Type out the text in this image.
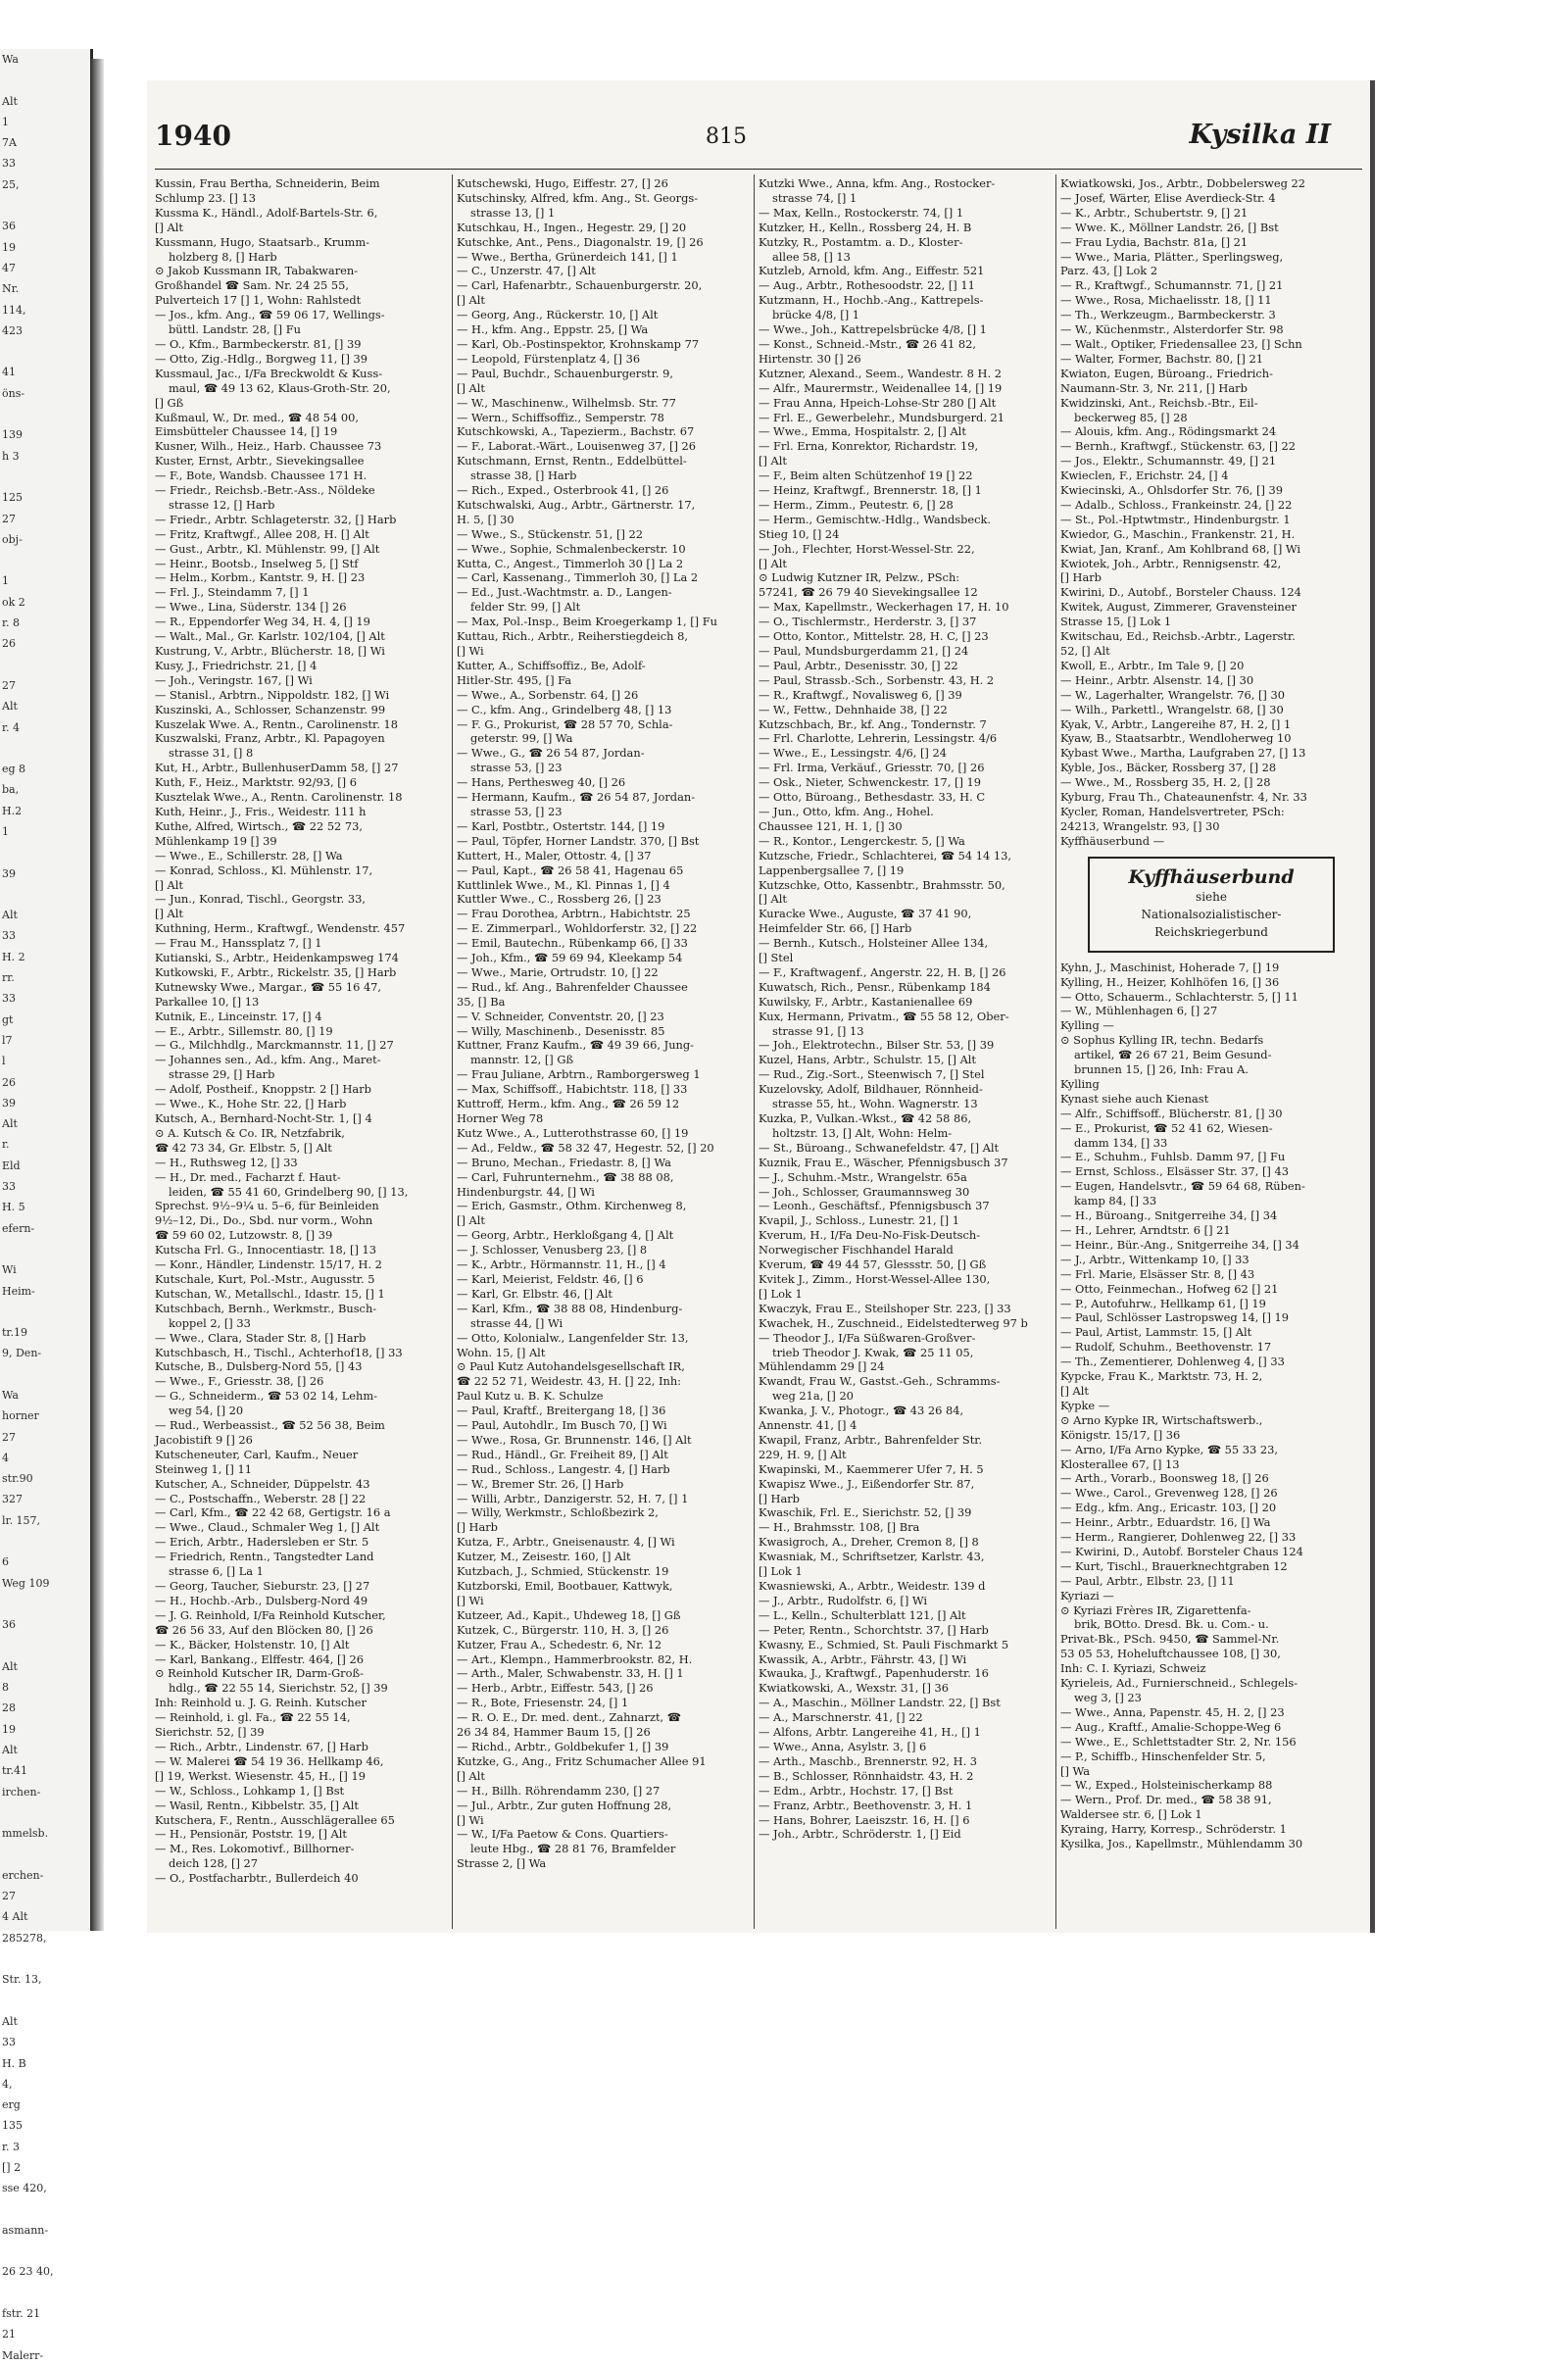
Wa

Alt
1
7A
33
25,

36
19
47
Nr.
114,
423

41
öns-

139
h 3

125
27
obj-

1
ok 2
r. 8
26

27
Alt
r. 4

eg 8
ba,
H.2
1

39

Alt
33
H. 2
rr.
33
gt
l7
l
26
39
Alt
r.
Eld
33
H. 5
efern-

Wi
Heim-

tr.19
9, Den-

Wa
horner
27
4
str.90
327
lr. 157,

6
Weg 109

36

Alt
8
28
19
Alt
tr.41
irchen-

mmelsb.

erchen-
27
4 Alt
285278,

Str. 13,

Alt
33
H. B
4,
erg
135
r. 3
[] 2
sse 420,

asmann-

26 23 40,

fstr. 21
21
Malerr-
1940	815	Kysilka II
Kussin, Frau Bertha, Schneiderin, Beim
Schlump 23. [] 13
Kussma K., Händl., Adolf-Bartels-Str. 6,
[] Alt
Kussmann, Hugo, Staatsarb., Krumm-
holzberg 8, [] Harb
⊙ Jakob Kussmann IR, Tabakwaren-
Großhandel ☎ Sam. Nr. 24 25 55,
Pulverteich 17 [] 1, Wohn: Rahlstedt
— Jos., kfm. Ang., ☎ 59 06 17, Wellings-
büttl. Landstr. 28, [] Fu
— O., Kfm., Barmbeckerstr. 81, [] 39
— Otto, Zig.-Hdlg., Borgweg 11, [] 39
Kussmaul, Jac., I/Fa Breckwoldt & Kuss-
maul, ☎ 49 13 62, Klaus-Groth-Str. 20,
[] Gß
Kußmaul, W., Dr. med., ☎ 48 54 00,
Eimsbütteler Chaussee 14, [] 19
Kusner, Wilh., Heiz., Harb. Chaussee 73
Kuster, Ernst, Arbtr., Sievekingsallee
— F., Bote, Wandsb. Chaussee 171 H.
— Friedr., Reichsb.-Betr.-Ass., Nöldeke
strasse 12, [] Harb
— Friedr., Arbtr. Schlageterstr. 32, [] Harb
— Fritz, Kraftwgf., Allee 208, H. [] Alt
— Gust., Arbtr., Kl. Mühlenstr. 99, [] Alt
— Heinr., Bootsb., Inselweg 5, [] Stf
— Helm., Korbm., Kantstr. 9, H. [] 23
— Frl. J., Steindamm 7, [] 1
— Wwe., Lina, Süderstr. 134 [] 26
— R., Eppendorfer Weg 34, H. 4, [] 19
— Walt., Mal., Gr. Karlstr. 102/104, [] Alt
Kustrung, V., Arbtr., Blücherstr. 18, [] Wi
Kusy, J., Friedrichstr. 21, [] 4
— Joh., Veringstr. 167, [] Wi
— Stanisl., Arbtrn., Nippoldstr. 182, [] Wi
Kuszinski, A., Schlosser, Schanzenstr. 99
Kuszelak Wwe. A., Rentn., Carolinenstr. 18
Kuszwalski, Franz, Arbtr., Kl. Papagoyen
strasse 31, [] 8
Kut, H., Arbtr., BullenhuserDamm 58, [] 27
Kuth, F., Heiz., Marktstr. 92/93, [] 6
Kusztelak Wwe., A., Rentn. Carolinenstr. 18
Kuth, Heinr., J., Fris., Weidestr. 111 h
Kuthe, Alfred, Wirtsch., ☎ 22 52 73,
Mühlenkamp 19 [] 39
— Wwe., E., Schillerstr. 28, [] Wa
— Konrad, Schloss., Kl. Mühlenstr. 17,
[] Alt
— Jun., Konrad, Tischl., Georgstr. 33,
[] Alt
Kuthning, Herm., Kraftwgf., Wendenstr. 457
— Frau M., Hanssplatz 7, [] 1
Kutianski, S., Arbtr., Heidenkampsweg 174
Kutkowski, F., Arbtr., Rickelstr. 35, [] Harb
Kutnewsky Wwe., Margar., ☎ 55 16 47,
Parkallee 10, [] 13
Kutnik, E., Linceinstr. 17, [] 4
— E., Arbtr., Sillemstr. 80, [] 19
— G., Milchhdlg., Marckmannstr. 11, [] 27
— Johannes sen., Ad., kfm. Ang., Maret-
strasse 29, [] Harb
— Adolf, Postheif., Knoppstr. 2 [] Harb
— Wwe., K., Hohe Str. 22, [] Harb
Kutsch, A., Bernhard-Nocht-Str. 1, [] 4
⊙ A. Kutsch & Co. IR, Netzfabrik,
☎ 42 73 34, Gr. Elbstr. 5, [] Alt
— H., Ruthsweg 12, [] 33
— H., Dr. med., Facharzt f. Haut-
leiden, ☎ 55 41 60, Grindelberg 90, [] 13,
Sprechst. 9½–9¼ u. 5–6, für Beinleiden
9½–12, Di., Do., Sbd. nur vorm., Wohn
☎ 59 60 02, Lutzowstr. 8, [] 39
Kutscha Frl. G., Innocentiastr. 18, [] 13
— Konr., Händler, Lindenstr. 15/17, H. 2
Kutschale, Kurt, Pol.-Mstr., Augusstr. 5
Kutschan, W., Metallschl., Idastr. 15, [] 1
Kutschbach, Bernh., Werkmstr., Busch-
koppel 2, [] 33
— Wwe., Clara, Stader Str. 8, [] Harb
Kutschbasch, H., Tischl., Achterhof18, [] 33
Kutsche, B., Dulsberg-Nord 55, [] 43
— Wwe., F., Griesstr. 38, [] 26
— G., Schneiderm., ☎ 53 02 14, Lehm-
weg 54, [] 20
— Rud., Werbeassist., ☎ 52 56 38, Beim
Jacobistift 9 [] 26
Kutscheneuter, Carl, Kaufm., Neuer
Steinweg 1, [] 11
Kutscher, A., Schneider, Düppelstr. 43
— C., Postschaffn., Weberstr. 28 [] 22
— Carl, Kfm., ☎ 22 42 68, Gertigstr. 16 a
— Wwe., Claud., Schmaler Weg 1, [] Alt
— Erich, Arbtr., Hadersleben er Str. 5
— Friedrich, Rentn., Tangstedter Land
strasse 6, [] La 1
— Georg, Taucher, Sieburstr. 23, [] 27
— H., Hochb.-Arb., Dulsberg-Nord 49
— J. G. Reinhold, I/Fa Reinhold Kutscher,
☎ 26 56 33, Auf den Blöcken 80, [] 26
— K., Bäcker, Holstenstr. 10, [] Alt
— Karl, Bankang., Elffestr. 464, [] 26
⊙ Reinhold Kutscher IR, Darm-Groß-
hdlg., ☎ 22 55 14, Sierichstr. 52, [] 39
Inh: Reinhold u. J. G. Reinh. Kutscher
— Reinhold, i. gl. Fa., ☎ 22 55 14,
Sierichstr. 52, [] 39
— Rich., Arbtr., Lindenstr. 67, [] Harb
— W. Malerei ☎ 54 19 36. Hellkamp 46,
[] 19, Werkst. Wiesenstr. 45, H., [] 19
— W., Schloss., Lohkamp 1, [] Bst
— Wasil, Rentn., Kibbelstr. 35, [] Alt
Kutschera, F., Rentn., Ausschlägerallee 65
— H., Pensionär, Poststr. 19, [] Alt
— M., Res. Lokomotivf., Billhorner-
deich 128, [] 27
— O., Postfacharbtr., Bullerdeich 40
Kutschewski, Hugo, Eiffestr. 27, [] 26
Kutschinsky, Alfred, kfm. Ang., St. Georgs-
strasse 13, [] 1
Kutschkau, H., Ingen., Hegestr. 29, [] 20
Kutschke, Ant., Pens., Diagonalstr. 19, [] 26
— Wwe., Bertha, Grünerdeich 141, [] 1
— C., Unzerstr. 47, [] Alt
— Carl, Hafenarbtr., Schauenburgerstr. 20,
[] Alt
— Georg, Ang., Rückerstr. 10, [] Alt
— H., kfm. Ang., Eppstr. 25, [] Wa
— Karl, Ob.-Postinspektor, Krohnskamp 77
— Leopold, Fürstenplatz 4, [] 36
— Paul, Buchdr., Schauenburgerstr. 9,
[] Alt
— W., Maschinenw., Wilhelmsb. Str. 77
— Wern., Schiffsoffiz., Semperstr. 78
Kutschkowski, A., Tapezierm., Bachstr. 67
— F., Laborat.-Wärt., Louisenweg 37, [] 26
Kutschmann, Ernst, Rentn., Eddelbüttel-
strasse 38, [] Harb
— Rich., Exped., Osterbrook 41, [] 26
Kutschwalski, Aug., Arbtr., Gärtnerstr. 17,
H. 5, [] 30
— Wwe., S., Stückenstr. 51, [] 22
— Wwe., Sophie, Schmalenbeckerstr. 10
Kutta, C., Angest., Timmerloh 30 [] La 2
— Carl, Kassenang., Timmerloh 30, [] La 2
— Ed., Just.-Wachtmstr. a. D., Langen-
felder Str. 99, [] Alt
— Max, Pol.-Insp., Beim Kroegerkamp 1, [] Fu
Kuttau, Rich., Arbtr., Reiherstiegdeich 8,
[] Wi
Kutter, A., Schiffsoffiz., Be, Adolf-
Hitler-Str. 495, [] Fa
— Wwe., A., Sorbenstr. 64, [] 26
— C., kfm. Ang., Grindelberg 48, [] 13
— F. G., Prokurist, ☎ 28 57 70, Schla-
geterstr. 99, [] Wa
— Wwe., G., ☎ 26 54 87, Jordan-
strasse 53, [] 23
— Hans, Perthesweg 40, [] 26
— Hermann, Kaufm., ☎ 26 54 87, Jordan-
strasse 53, [] 23
— Karl, Postbtr., Ostertstr. 144, [] 19
— Paul, Töpfer, Horner Landstr. 370, [] Bst
Kuttert, H., Maler, Ottostr. 4, [] 37
— Paul, Kapt., ☎ 26 58 41, Hagenau 65
Kuttlinlek Wwe., M., Kl. Pinnas 1, [] 4
Kuttler Wwe., C., Rossberg 26, [] 23
— Frau Dorothea, Arbtrn., Habichtstr. 25
— E. Zimmerparl., Wohldorferstr. 32, [] 22
— Emil, Bautechn., Rübenkamp 66, [] 33
— Joh., Kfm., ☎ 59 69 94, Kleekamp 54
— Wwe., Marie, Ortrudstr. 10, [] 22
— Rud., kf. Ang., Bahrenfelder Chaussee
35, [] Ba
— V. Schneider, Conventstr. 20, [] 23
— Willy, Maschinenb., Desenisstr. 85
Kuttner, Franz Kaufm., ☎ 49 39 66, Jung-
mannstr. 12, [] Gß
— Frau Juliane, Arbtrn., Ramborgersweg 1
— Max, Schiffsoff., Habichtstr. 118, [] 33
Kuttroff, Herm., kfm. Ang., ☎ 26 59 12
Horner Weg 78
Kutz Wwe., A., Lutterothstrasse 60, [] 19
— Ad., Feldw., ☎ 58 32 47, Hegestr. 52, [] 20
— Bruno, Mechan., Friedastr. 8, [] Wa
— Carl, Fuhrunternehm., ☎ 38 88 08,
Hindenburgstr. 44, [] Wi
— Erich, Gasmstr., Othm. Kirchenweg 8,
[] Alt
— Georg, Arbtr., Herkloßgang 4, [] Alt
— J. Schlosser, Venusberg 23, [] 8
— K., Arbtr., Hörmannstr. 11, H., [] 4
— Karl, Meierist, Feldstr. 46, [] 6
— Karl, Gr. Elbstr. 46, [] Alt
— Karl, Kfm., ☎ 38 88 08, Hindenburg-
strasse 44, [] Wi
— Otto, Kolonialw., Langenfelder Str. 13,
Wohn. 15, [] Alt
⊙ Paul Kutz Autohandelsgesellschaft IR,
☎ 22 52 71, Weidestr. 43, H. [] 22, Inh:
Paul Kutz u. B. K. Schulze
— Paul, Kraftf., Breitergang 18, [] 36
— Paul, Autohdlr., Im Busch 70, [] Wi
— Wwe., Rosa, Gr. Brunnenstr. 146, [] Alt
— Rud., Händl., Gr. Freiheit 89, [] Alt
— Rud., Schloss., Langestr. 4, [] Harb
— W., Bremer Str. 26, [] Harb
— Willi, Arbtr., Danzigerstr. 52, H. 7, [] 1
— Willy, Werkmstr., Schloßbezirk 2,
[] Harb
Kutza, F., Arbtr., Gneisenaustr. 4, [] Wi
Kutzer, M., Zeisestr. 160, [] Alt
Kutzbach, J., Schmied, Stückenstr. 19
Kutzborski, Emil, Bootbauer, Kattwyk,
[] Wi
Kutzeer, Ad., Kapit., Uhdeweg 18, [] Gß
Kutzek, C., Bürgerstr. 110, H. 3, [] 26
Kutzer, Frau A., Schedestr. 6, Nr. 12
— Art., Klempn., Hammerbrookstr. 82, H.
— Arth., Maler, Schwabenstr. 33, H. [] 1
— Herb., Arbtr., Eiffestr. 543, [] 26
— R., Bote, Friesenstr. 24, [] 1
— R. O. E., Dr. med. dent., Zahnarzt, ☎
26 34 84, Hammer Baum 15, [] 26
— Richd., Arbtr., Goldbekufer 1, [] 39
Kutzke, G., Ang., Fritz Schumacher Allee 91
[] Alt
— H., Billh. Röhrendamm 230, [] 27
— Jul., Arbtr., Zur guten Hoffnung 28,
[] Wi
— W., I/Fa Paetow & Cons. Quartiers-
leute Hbg., ☎ 28 81 76, Bramfelder
Strasse 2, [] Wa
Kutzki Wwe., Anna, kfm. Ang., Rostocker-
strasse 74, [] 1
— Max, Kelln., Rostockerstr. 74, [] 1
Kutzker, H., Kelln., Rossberg 24, H. B
Kutzky, R., Postamtm. a. D., Kloster-
allee 58, [] 13
Kutzleb, Arnold, kfm. Ang., Eiffestr. 521
— Aug., Arbtr., Rothesoodstr. 22, [] 11
Kutzmann, H., Hochb.-Ang., Kattrepels-
brücke 4/8, [] 1
— Wwe., Joh., Kattrepelsbrücke 4/8, [] 1
— Konst., Schneid.-Mstr., ☎ 26 41 82,
Hirtenstr. 30 [] 26
Kutzner, Alexand., Seem., Wandestr. 8 H. 2
— Alfr., Maurermstr., Weidenallee 14, [] 19
— Frau Anna, Hpeich-Lohse-Str 280 [] Alt
— Frl. E., Gewerbelehr., Mundsburgerd. 21
— Wwe., Emma, Hospitalstr. 2, [] Alt
— Frl. Erna, Konrektor, Richardstr. 19,
[] Alt
— F., Beim alten Schützenhof 19 [] 22
— Heinz, Kraftwgf., Brennerstr. 18, [] 1
— Herm., Zimm., Peutestr. 6, [] 28
— Herm., Gemischtw.-Hdlg., Wandsbeck.
Stieg 10, [] 24
— Joh., Flechter, Horst-Wessel-Str. 22,
[] Alt
⊙ Ludwig Kutzner IR, Pelzw., PSch:
57241, ☎ 26 79 40 Sievekingsallee 12
— Max, Kapellmstr., Weckerhagen 17, H. 10
— O., Tischlermstr., Herderstr. 3, [] 37
— Otto, Kontor., Mittelstr. 28, H. C, [] 23
— Paul, Mundsburgerdamm 21, [] 24
— Paul, Arbtr., Desenisstr. 30, [] 22
— Paul, Strassb.-Sch., Sorbenstr. 43, H. 2
— R., Kraftwgf., Novalisweg 6, [] 39
— W., Fettw., Dehnhaide 38, [] 22
Kutzschbach, Br., kf. Ang., Tondernstr. 7
— Frl. Charlotte, Lehrerin, Lessingstr. 4/6
— Wwe., E., Lessingstr. 4/6, [] 24
— Frl. Irma, Verkäuf., Griesstr. 70, [] 26
— Osk., Nieter, Schwenckestr. 17, [] 19
— Otto, Büroang., Bethesdastr. 33, H. C
— Jun., Otto, kfm. Ang., Hohel.
Chaussee 121, H. 1, [] 30
— R., Kontor., Lengerckestr. 5, [] Wa
Kutzsche, Friedr., Schlachterei, ☎ 54 14 13,
Lappenbergsallee 7, [] 19
Kutzschke, Otto, Kassenbtr., Brahmsstr. 50,
[] Alt
Kuracke Wwe., Auguste, ☎ 37 41 90,
Heimfelder Str. 66, [] Harb
— Bernh., Kutsch., Holsteiner Allee 134,
[] Stel
— F., Kraftwagenf., Angerstr. 22, H. B, [] 26
Kuwatsch, Rich., Pensr., Rübenkamp 184
Kuwilsky, F., Arbtr., Kastanienallee 69
Kux, Hermann, Privatm., ☎ 55 58 12, Ober-
strasse 91, [] 13
— Joh., Elektrotechn., Bilser Str. 53, [] 39
Kuzel, Hans, Arbtr., Schulstr. 15, [] Alt
— Rud., Zig.-Sort., Steenwisch 7, [] Stel
Kuzelovsky, Adolf, Bildhauer, Rönnheid-
strasse 55, ht., Wohn. Wagnerstr. 13
Kuzka, P., Vulkan.-Wkst., ☎ 42 58 86,
holtzstr. 13, [] Alt, Wohn: Helm-
— St., Büroang., Schwanefeldstr. 47, [] Alt
Kuznik, Frau E., Wäscher, Pfennigsbusch 37
— J., Schuhm.-Mstr., Wrangelstr. 65a
— Joh., Schlosser, Graumannsweg 30
— Leonh., Geschäftsf., Pfennigsbusch 37
Kvapil, J., Schloss., Lunestr. 21, [] 1
Kverum, H., I/Fa Deu-No-Fisk-Deutsch-
Norwegischer Fischhandel Harald
Kverum, ☎ 49 44 57, Glessstr. 50, [] Gß
Kvitek J., Zimm., Horst-Wessel-Allee 130,
[] Lok 1
Kwaczyk, Frau E., Steilshoper Str. 223, [] 33
Kwachek, H., Zuschneid., Eidelstedterweg 97 b
— Theodor J., I/Fa Süßwaren-Großver-
trieb Theodor J. Kwak, ☎ 25 11 05,
Mühlendamm 29 [] 24
Kwandt, Frau W., Gastst.-Geh., Schramms-
weg 21a, [] 20
Kwanka, J. V., Photogr., ☎ 43 26 84,
Annenstr. 41, [] 4
Kwapil, Franz, Arbtr., Bahrenfelder Str.
229, H. 9, [] Alt
Kwapinski, M., Kaemmerer Ufer 7, H. 5
Kwapisz Wwe., J., Eißendorfer Str. 87,
[] Harb
Kwaschik, Frl. E., Sierichstr. 52, [] 39
— H., Brahmsstr. 108, [] Bra
Kwasigroch, A., Dreher, Cremon 8, [] 8
Kwasniak, M., Schriftsetzer, Karlstr. 43,
[] Lok 1
Kwasniewski, A., Arbtr., Weidestr. 139 d
— J., Arbtr., Rudolfstr. 6, [] Wi
— L., Kelln., Schulterblatt 121, [] Alt
— Peter, Rentn., Schorchtstr. 37, [] Harb
Kwasny, E., Schmied, St. Pauli Fischmarkt 5
Kwassik, A., Arbtr., Fährstr. 43, [] Wi
Kwauka, J., Kraftwgf., Papenhuderstr. 16
Kwiatkowski, A., Wexstr. 31, [] 36
— A., Maschin., Möllner Landstr. 22, [] Bst
— A., Marschnerstr. 41, [] 22
— Alfons, Arbtr. Langereihe 41, H., [] 1
— Wwe., Anna, Asylstr. 3, [] 6
— Arth., Maschb., Brennerstr. 92, H. 3
— B., Schlosser, Rönnhaidstr. 43, H. 2
— Edm., Arbtr., Hochstr. 17, [] Bst
— Franz, Arbtr., Beethovenstr. 3, H. 1
— Hans, Bohrer, Laeiszstr. 16, H. [] 6
— Joh., Arbtr., Schröderstr. 1, [] Eid
Kwiatkowski, Jos., Arbtr., Dobbelersweg 22
— Josef, Wärter, Elise Averdieck-Str. 4
— K., Arbtr., Schubertstr. 9, [] 21
— Wwe. K., Möllner Landstr. 26, [] Bst
— Frau Lydia, Bachstr. 81a, [] 21
— Wwe., Maria, Plätter., Sperlingsweg,
Parz. 43, [] Lok 2
— R., Kraftwgf., Schumannstr. 71, [] 21
— Wwe., Rosa, Michaelisstr. 18, [] 11
— Th., Werkzeugm., Barmbeckerstr. 3
— W., Küchenmstr., Alsterdorfer Str. 98
— Walt., Optiker, Friedensallee 23, [] Schn
— Walter, Former, Bachstr. 80, [] 21
Kwiaton, Eugen, Büroang., Friedrich-
Naumann-Str. 3, Nr. 211, [] Harb
Kwidzinski, Ant., Reichsb.-Btr., Eil-
beckerweg 85, [] 28
— Alouis, kfm. Ang., Rödingsmarkt 24
— Bernh., Kraftwgf., Stückenstr. 63, [] 22
— Jos., Elektr., Schumannstr. 49, [] 21
Kwieclen, F., Erichstr. 24, [] 4
Kwiecinski, A., Ohlsdorfer Str. 76, [] 39
— Adalb., Schloss., Frankeinstr. 24, [] 22
— St., Pol.-Hptwtmstr., Hindenburgstr. 1
Kwiedor, G., Maschin., Frankenstr. 21, H.
Kwiat, Jan, Kranf., Am Kohlbrand 68, [] Wi
Kwiotek, Joh., Arbtr., Rennigsenstr. 42,
[] Harb
Kwirini, D., Autobf., Borsteler Chauss. 124
Kwitek, August, Zimmerer, Gravensteiner
Strasse 15, [] Lok 1
Kwitschau, Ed., Reichsb.-Arbtr., Lagerstr.
52, [] Alt
Kwoll, E., Arbtr., Im Tale 9, [] 20
— Heinr., Arbtr. Alsenstr. 14, [] 30
— W., Lagerhalter, Wrangelstr. 76, [] 30
— Wilh., Parkettl., Wrangelstr. 68, [] 30
Kyak, V., Arbtr., Langereihe 87, H. 2, [] 1
Kyaw, B., Staatsarbtr., Wendloherweg 10
Kybast Wwe., Martha, Laufgraben 27, [] 13
Kyble, Jos., Bäcker, Rossberg 37, [] 28
— Wwe., M., Rossberg 35, H. 2, [] 28
Kyburg, Frau Th., Chateaunenfstr. 4, Nr. 33
Kycler, Roman, Handelsvertreter, PSch:
24213, Wrangelstr. 93, [] 30
Kyffhäuserbund —
Kyffhäuserbund
siehe
Nationalsozialistischer-
Reichskriegerbund
Kyhn, J., Maschinist, Hoherade 7, [] 19
Kylling, H., Heizer, Kohlhöfen 16, [] 36
— Otto, Schauerm., Schlachterstr. 5, [] 11
— W., Mühlenhagen 6, [] 27
Kylling —
⊙ Sophus Kylling IR, techn. Bedarfs
artikel, ☎ 26 67 21, Beim Gesund-
brunnen 15, [] 26, Inh: Frau A.
Kylling
Kynast siehe auch Kienast
— Alfr., Schiffsoff., Blücherstr. 81, [] 30
— E., Prokurist, ☎ 52 41 62, Wiesen-
damm 134, [] 33
— E., Schuhm., Fuhlsb. Damm 97, [] Fu
— Ernst, Schloss., Elsässer Str. 37, [] 43
— Eugen, Handelsvtr., ☎ 59 64 68, Rüben-
kamp 84, [] 33
— H., Büroang., Snitgerreihe 34, [] 34
— H., Lehrer, Arndtstr. 6 [] 21
— Heinr., Bür.-Ang., Snitgerreihe 34, [] 34
— J., Arbtr., Wittenkamp 10, [] 33
— Frl. Marie, Elsässer Str. 8, [] 43
— Otto, Feinmechan., Hofweg 62 [] 21
— P., Autofuhrw., Hellkamp 61, [] 19
— Paul, Schlösser Lastropsweg 14, [] 19
— Paul, Artist, Lammstr. 15, [] Alt
— Rudolf, Schuhm., Beethovenstr. 17
— Th., Zementierer, Dohlenweg 4, [] 33
Kypcke, Frau K., Marktstr. 73, H. 2,
[] Alt
Kypke —
⊙ Arno Kypke IR, Wirtschaftswerb.,
Königstr. 15/17, [] 36
— Arno, I/Fa Arno Kypke, ☎ 55 33 23,
Klosterallee 67, [] 13
— Arth., Vorarb., Boonsweg 18, [] 26
— Wwe., Carol., Grevenweg 128, [] 26
— Edg., kfm. Ang., Ericastr. 103, [] 20
— Heinr., Arbtr., Eduardstr. 16, [] Wa
— Herm., Rangierer, Dohlenweg 22, [] 33
— Kwirini, D., Autobf. Borsteler Chaus 124
— Kurt, Tischl., Brauerknechtgraben 12
— Paul, Arbtr., Elbstr. 23, [] 11
Kyriazi —
⊙ Kyriazi Frères IR, Zigarettenfa-
brik, BOtto. Dresd. Bk. u. Com.- u.
Privat-Bk., PSch. 9450, ☎ Sammel-Nr.
53 05 53, Hoheluftchaussee 108, [] 30,
Inh: C. I. Kyriazi, Schweiz
Kyrieleis, Ad., Furnierschneid., Schlegels-
weg 3, [] 23
— Wwe., Anna, Papenstr. 45, H. 2, [] 23
— Aug., Kraftf., Amalie-Schoppe-Weg 6
— Wwe., E., Schlettstadter Str. 2, Nr. 156
— P., Schiffb., Hinschenfelder Str. 5,
[] Wa
— W., Exped., Holsteinischerkamp 88
— Wern., Prof. Dr. med., ☎ 58 38 91,
Waldersee str. 6, [] Lok 1
Kyraing, Harry, Korresp., Schröderstr. 1
Kysilka, Jos., Kapellmstr., Mühlendamm 30
